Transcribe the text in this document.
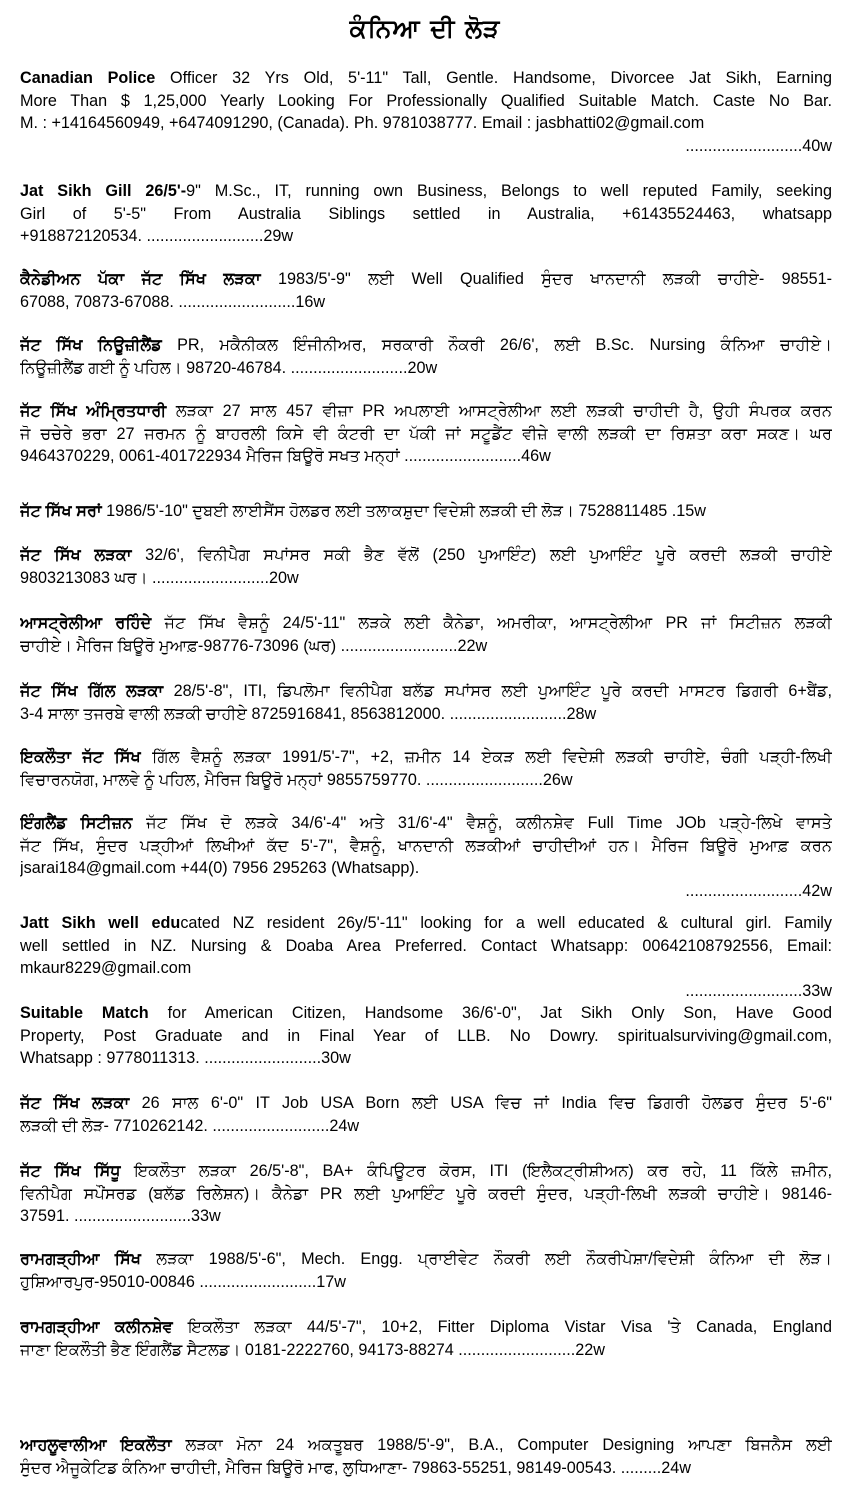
ਕੰਨਿਆ ਦੀ ਲੋੜ
Canadian Police Officer 32 Yrs Old, 5'-11" Tall, Gentle. Handsome, Divorcee Jat Sikh, Earning
More Than $ 1,25,000 Yearly Looking For Professionally Qualified Suitable Match. Caste No Bar.
M. : +14164560949, +6474091290, (Canada). Ph. 9781038777. Email : jasbhatti02@gmail.com
..........................40w
Jat Sikh Gill 26/5'-9" M.Sc., IT, running own Business, Belongs to well reputed Family, seeking
Girl of 5'-5" From Australia Siblings settled in Australia, +61435524463, whatsapp
+918872120534. ..........................29w
ਕੈਨੇਡੀਅਨ ਪੱਕਾ ਜੱਟ ਸਿੱਖ ਲੜਕਾ 1983/5'-9" ਲਈ Well Qualified ਸੁੰਦਰ ਖਾਨਦਾਨੀ ਲੜਕੀ ਚਾਹੀਏ- 98551-
67088, 70873-67088. ..........................16w
ਜੱਟ ਸਿੱਖ ਨਿਊਜ਼ੀਲੈਂਡ PR, ਮਕੈਨੀਕਲ ਇੰਜੀਨੀਅਰ, ਸਰਕਾਰੀ ਨੌਕਰੀ 26/6', ਲਈ B.Sc. Nursing ਕੰਨਿਆ ਚਾਹੀਏ।
ਨਿਊਜ਼ੀਲੈਂਡ ਗਈ ਨੂੰ ਪਹਿਲ। 98720-46784. ..........................20w
ਜੱਟ ਸਿੱਖ ਅੰਮ੍ਰਿਤਧਾਰੀ ਲੜਕਾ 27 ਸਾਲ 457 ਵੀਜ਼ਾ PR ਅਪਲਾਈ ਆਸਟ੍ਰੇਲੀਆ ਲਈ ਲੜਕੀ ਚਾਹੀਦੀ ਹੈ, ਉਹੀ ਸੰਪਰਕ ਕਰਨ
ਜੋ ਚਚੇਰੇ ਭਰਾ 27 ਜਰਮਨ ਨੂੰ ਬਾਹਰਲੀ ਕਿਸੇ ਵੀ ਕੰਟਰੀ ਦਾ ਪੱਕੀ ਜਾਂ ਸਟੂਡੈਂਟ ਵੀਜ਼ੇ ਵਾਲੀ ਲੜਕੀ ਦਾ ਰਿਸ਼ਤਾ ਕਰਾ ਸਕਣ। ਘਰ
9464370229, 0061-401722934 ਮੈਰਿਜ ਬਿਊਰੋ ਸਖਤ ਮਨ੍ਹਾਂ ..........................46w
ਜੱਟ ਸਿੱਖ ਸਰਾਂ 1986/5'-10" ਦੁਬਈ ਲਾਈਸੈਂਸ ਹੋਲਡਰ ਲਈ ਤਲਾਕਸ਼ੁਦਾ ਵਿਦੇਸ਼ੀ ਲੜਕੀ ਦੀ ਲੋੜ। 7528811485 .15w
ਜੱਟ ਸਿੱਖ ਲੜਕਾ 32/6', ਵਿਨੀਪੈਗ ਸਪਾਂਸਰ ਸਕੀ ਭੈਣ ਵੱਲੋਂ (250 ਪੁਆਇੰਟ) ਲਈ ਪੁਆਇੰਟ ਪੂਰੇ ਕਰਦੀ ਲੜਕੀ ਚਾਹੀਏ
9803213083 ਘਰ। ..........................20w
ਆਸਟ੍ਰੇਲੀਆ ਰਹਿੰਦੇ ਜੱਟ ਸਿੱਖ ਵੈਸ਼ਨੂੰ 24/5'-11" ਲੜਕੇ ਲਈ ਕੈਨੇਡਾ, ਅਮਰੀਕਾ, ਆਸਟ੍ਰੇਲੀਆ PR ਜਾਂ ਸਿਟੀਜ਼ਨ ਲੜਕੀ
ਚਾਹੀਏ। ਮੈਰਿਜ ਬਿਊਰੋ ਮੁਆਫ਼-98776-73096 (ਘਰ) ..........................22w
ਜੱਟ ਸਿੱਖ ਗਿੱਲ ਲੜਕਾ 28/5'-8", ITI, ਡਿਪਲੋਮਾ ਵਿਨੀਪੈਗ ਬਲੱਡ ਸਪਾਂਸਰ ਲਈ ਪੁਆਇੰਟ ਪੂਰੇ ਕਰਦੀ ਮਾਸਟਰ ਡਿਗਰੀ 6+ਬੈਂਡ,
3-4 ਸਾਲਾ ਤਜਰਬੇ ਵਾਲੀ ਲੜਕੀ ਚਾਹੀਏ 8725916841, 8563812000. ..........................28w
ਇਕਲੌਤਾ ਜੱਟ ਸਿੱਖ ਗਿੱਲ ਵੈਸ਼ਨੂੰ ਲੜਕਾ 1991/5'-7", +2, ਜ਼ਮੀਨ 14 ਏਕੜ ਲਈ ਵਿਦੇਸ਼ੀ ਲੜਕੀ ਚਾਹੀਏ, ਚੰਗੀ ਪੜ੍ਹੀ-ਲਿਖੀ
ਵਿਚਾਰਨਯੋਗ, ਮਾਲਵੇ ਨੂੰ ਪਹਿਲ, ਮੈਰਿਜ ਬਿਊਰੋ ਮਨ੍ਹਾਂ 9855759770. ..........................26w
ਇੰਗਲੈਂਡ ਸਿਟੀਜ਼ਨ ਜੱਟ ਸਿੱਖ ਦੋ ਲੜਕੇ 34/6'-4" ਅਤੇ 31/6'-4" ਵੈਸ਼ਨੂੰ, ਕਲੀਨਸ਼ੇਵ Full Time JOb ਪੜ੍ਹੇ-ਲਿਖੇ ਵਾਸਤੇ
ਜੱਟ ਸਿੱਖ, ਸੁੰਦਰ ਪੜ੍ਹੀਆਂ ਲਿਖੀਆਂ ਕੱਦ 5'-7", ਵੈਸ਼ਨੂੰ, ਖਾਨਦਾਨੀ ਲੜਕੀਆਂ ਚਾਹੀਦੀਆਂ ਹਨ। ਮੈਰਿਜ ਬਿਊਰੋ ਮੁਆਫ਼ ਕਰਨ
jsarai184@gmail.com +44(0) 7956 295263 (Whatsapp).
..........................42w
Jatt Sikh well educated NZ resident 26y/5'-11" looking for a well educated & cultural girl. Family
well settled in NZ. Nursing & Doaba Area Preferred. Contact Whatsapp: 00642108792556, Email:
mkaur8229@gmail.com
..........................33w
Suitable Match for American Citizen, Handsome 36/6'-0", Jat Sikh Only Son, Have Good
Property, Post Graduate and in Final Year of LLB. No Dowry. spiritualsurviving@gmail.com,
Whatsapp : 9778011313. ..........................30w
ਜੱਟ ਸਿੱਖ ਲੜਕਾ 26 ਸਾਲ 6'-0" IT Job USA Born ਲਈ USA ਵਿਚ ਜਾਂ India ਵਿਚ ਡਿਗਰੀ ਹੋਲਡਰ ਸੁੰਦਰ 5'-6"
ਲੜਕੀ ਦੀ ਲੋੜ- 7710262142. ..........................24w
ਜੱਟ ਸਿੱਖ ਸਿੱਧੂ ਇਕਲੌਤਾ ਲੜਕਾ 26/5'-8", BA+ ਕੰਪਿਊਟਰ ਕੋਰਸ, ITI (ਇਲੈਕਟ੍ਰੀਸ਼ੀਅਨ) ਕਰ ਰਹੇ, 11 ਕਿੱਲੇ ਜ਼ਮੀਨ,
ਵਿਨੀਪੈਗ ਸਪੌਂਸਰਡ (ਬਲੱਡ ਰਿਲੇਸ਼ਨ)। ਕੈਨੇਡਾ PR ਲਈ ਪੁਆਇੰਟ ਪੂਰੇ ਕਰਦੀ ਸੁੰਦਰ, ਪੜ੍ਹੀ-ਲਿਖੀ ਲੜਕੀ ਚਾਹੀਏ। 98146-
37591. ..........................33w
ਰਾਮਗੜ੍ਹੀਆ ਸਿੱਖ ਲੜਕਾ 1988/5'-6", Mech. Engg. ਪ੍ਰਾਈਵੇਟ ਨੌਕਰੀ ਲਈ ਨੌਕਰੀਪੇਸ਼ਾ/ਵਿਦੇਸ਼ੀ ਕੰਨਿਆ ਦੀ ਲੋੜ।
ਹੁਸ਼ਿਆਰਪੁਰ-95010-00846 ..........................17w
ਰਾਮਗੜ੍ਹੀਆ ਕਲੀਨਸ਼ੇਵ ਇਕਲੌਤਾ ਲੜਕਾ 44/5'-7", 10+2, Fitter Diploma Vistar Visa 'ਤੇ Canada, England
ਜਾਣਾ ਇਕਲੌਤੀ ਭੈਣ ਇੰਗਲੈਂਡ ਸੈਟਲਡ। 0181-2222760, 94173-88274 ..........................22w
ਆਹਲੂਵਾਲੀਆ ਇਕਲੌਤਾ ਲੜਕਾ ਮੋਨਾ 24 ਅਕਤੂਬਰ 1988/5'-9", B.A., Computer Designing ਆਪਣਾ ਬਿਜਨੈਸ ਲਈ
ਸੁੰਦਰ ਐਜੂਕੇਟਿਡ ਕੰਨਿਆ ਚਾਹੀਦੀ, ਮੈਰਿਜ ਬਿਊਰੋ ਮਾਫ, ਲੁਧਿਆਣਾ- 79863-55251, 98149-00543. .........24w
